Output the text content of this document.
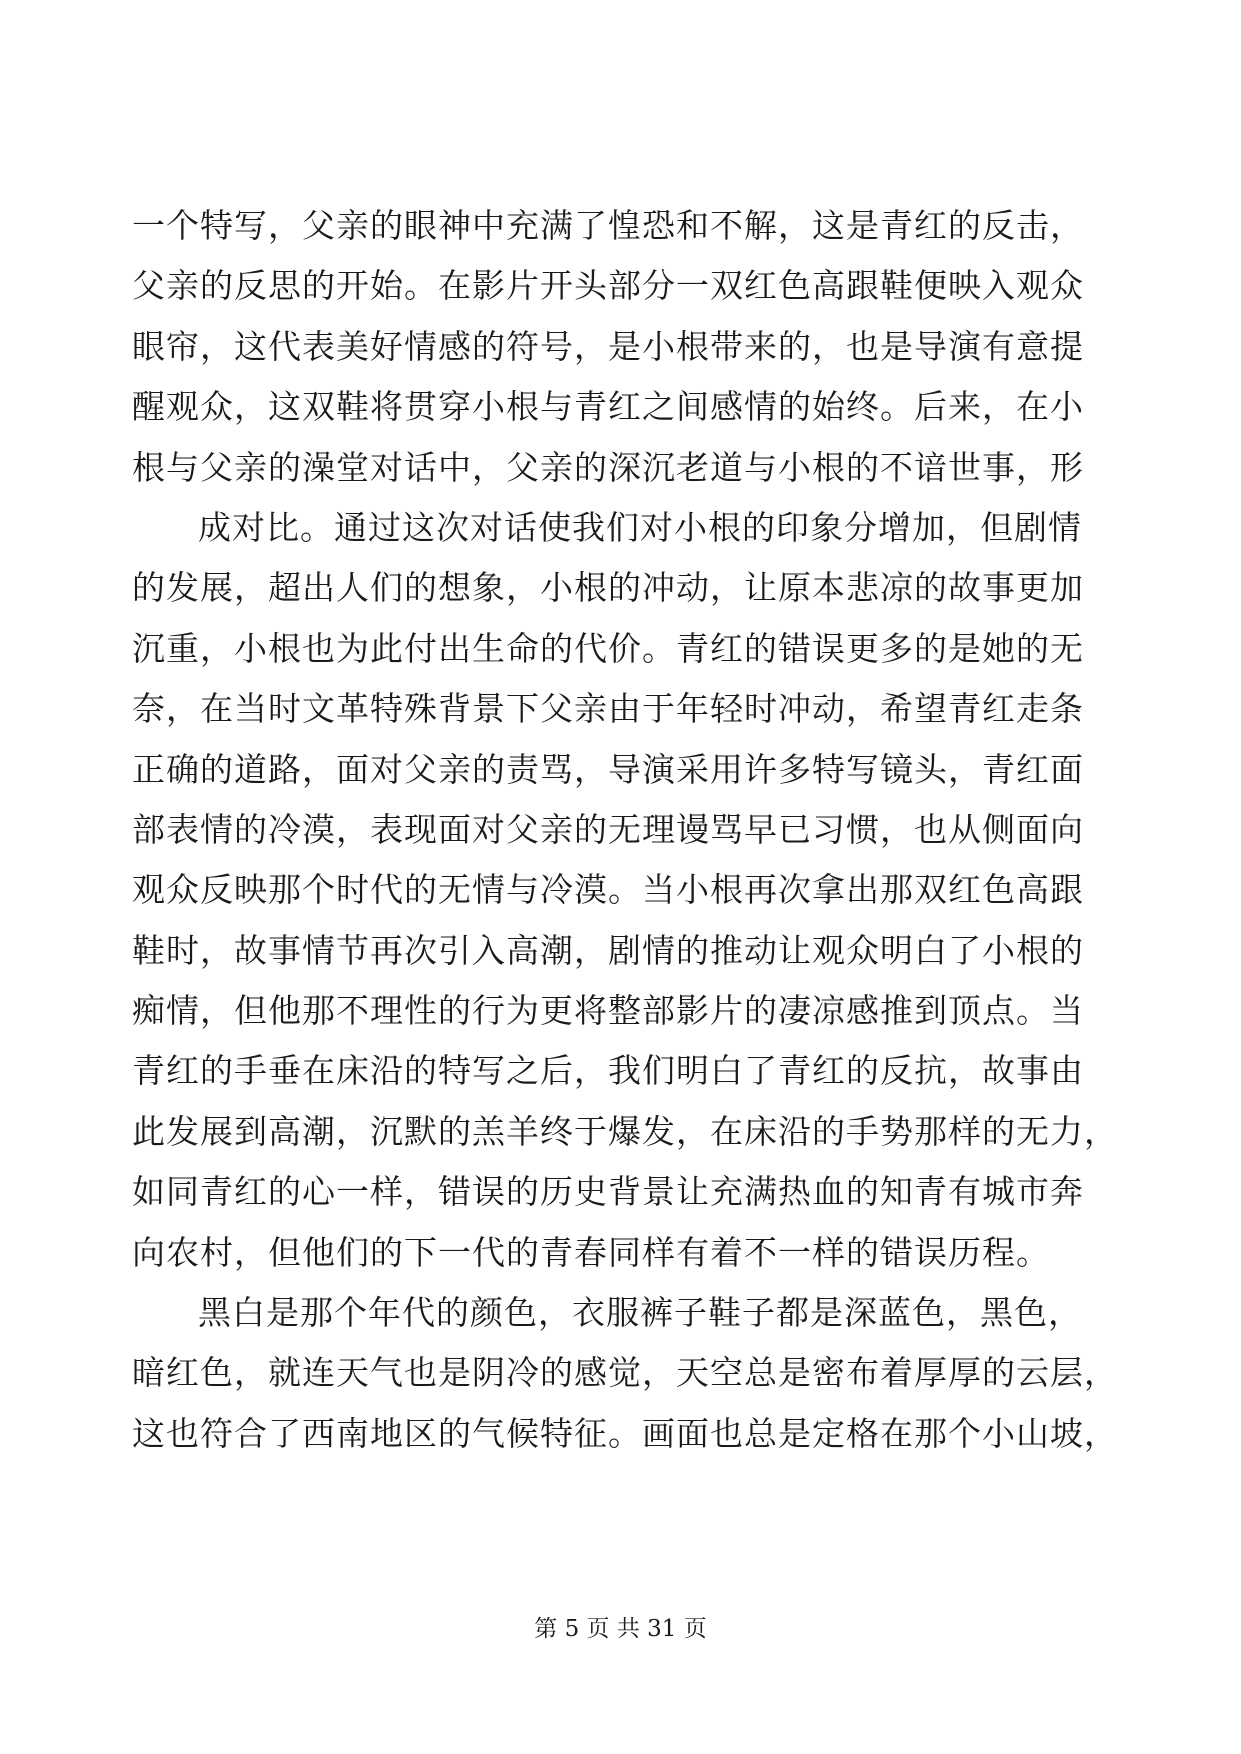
一个特写，父亲的眼神中充满了惶恐和不解，这是青红的反击，
父亲的反思的开始。在影片开头部分一双红色高跟鞋便映入观众
眼帘，这代表美好情感的符号，是小根带来的，也是导演有意提
醒观众，这双鞋将贯穿小根与青红之间感情的始终。后来，在小
根与父亲的澡堂对话中，父亲的深沉老道与小根的不谙世事，形
成对比。通过这次对话使我们对小根的印象分增加，但剧情
的发展，超出人们的想象，小根的冲动，让原本悲凉的故事更加
沉重，小根也为此付出生命的代价。青红的错误更多的是她的无
奈，在当时文革特殊背景下父亲由于年轻时冲动，希望青红走条
正确的道路，面对父亲的责骂，导演采用许多特写镜头，青红面
部表情的冷漠，表现面对父亲的无理谩骂早已习惯，也从侧面向
观众反映那个时代的无情与冷漠。当小根再次拿出那双红色高跟
鞋时，故事情节再次引入高潮，剧情的推动让观众明白了小根的
痴情，但他那不理性的行为更将整部影片的凄凉感推到顶点。当
青红的手垂在床沿的特写之后，我们明白了青红的反抗，故事由
此发展到高潮，沉默的羔羊终于爆发，在床沿的手势那样的无力，
如同青红的心一样，错误的历史背景让充满热血的知青有城市奔
向农村，但他们的下一代的青春同样有着不一样的错误历程。
黑白是那个年代的颜色，衣服裤子鞋子都是深蓝色，黑色，
暗红色，就连天气也是阴冷的感觉，天空总是密布着厚厚的云层，
这也符合了西南地区的气候特征。画面也总是定格在那个小山坡，
第 5 页 共 31 页
